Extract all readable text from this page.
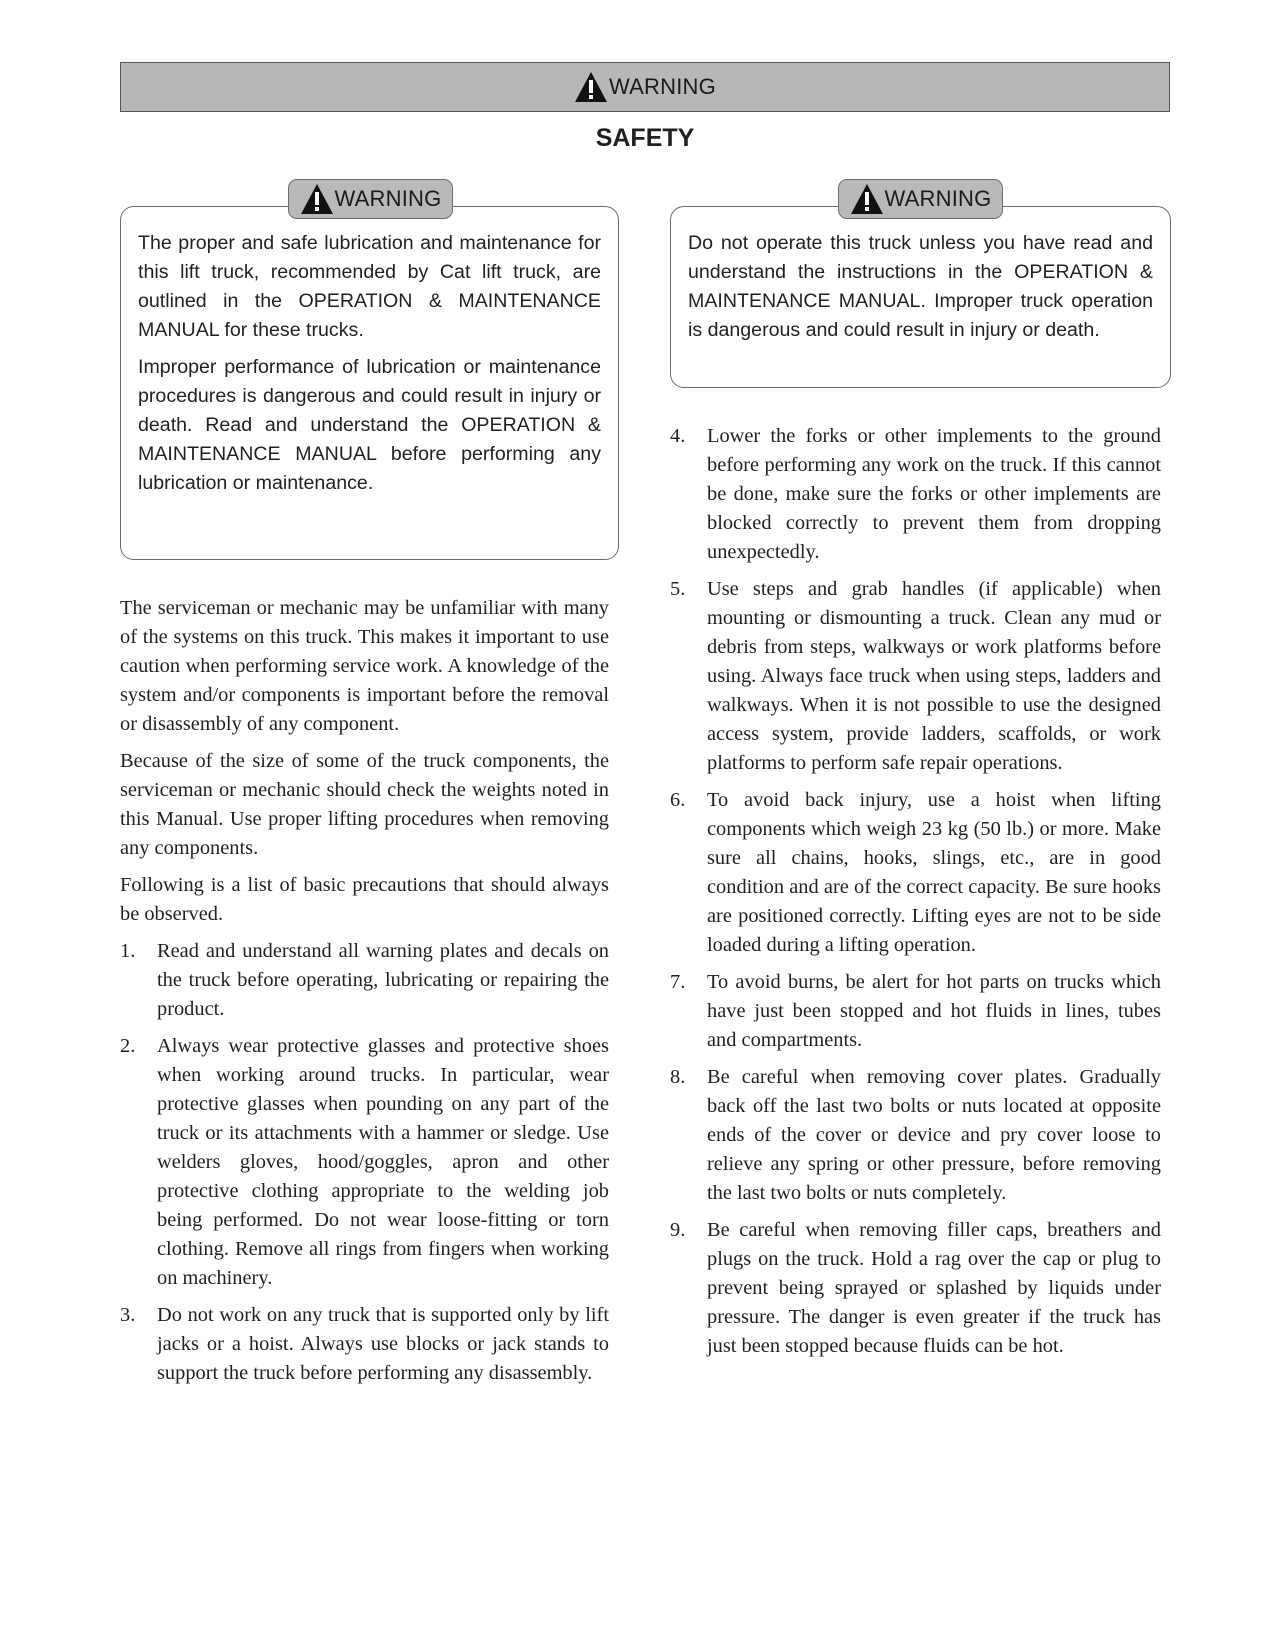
WARNING
SAFETY

The proper and safe lubrication and maintenance for this lift truck, recommended by Cat lift truck, are outlined in the OPERATION & MAINTENANCE MANUAL for these trucks.

Improper performance of lubrication or maintenance procedures is dangerous and could result in injury or death. Read and understand the OPERATION & MAINTENANCE MANUAL before performing any lubrication or maintenance.

WARNING

Do not operate this truck unless you have read and understand the instructions in the OPERATION & MAINTENANCE MANUAL. Improper truck operation is dangerous and could result in injury or death.

WARNING

The serviceman or mechanic may be unfamiliar with many of the systems on this truck. This makes it important to use caution when performing service work. A knowledge of the system and/or components is important before the removal or disassembly of any component.

Because of the size of some of the truck components, the serviceman or mechanic should check the weights noted in this Manual. Use proper lifting procedures when removing any components.

Following is a list of basic precautions that should always be observed.

1.	Read and understand all warning plates and decals on the truck before operating, lubricating or repairing the product.
2.	Always wear protective glasses and protective shoes when working around trucks. In particular, wear protective glasses when pounding on any part of the truck or its attachments with a hammer or sledge. Use welders gloves, hood/goggles, apron and other protective clothing appropriate to the welding job being performed. Do not wear loose-fitting or torn clothing. Remove all rings from fingers when working on machinery.
3.	Do not work on any truck that is supported only by lift jacks or a hoist. Always use blocks or jack stands to support the truck before performing any disassembly.
4.	Lower the forks or other implements to the ground before performing any work on the truck. If this cannot be done, make sure the forks or other implements are blocked correctly to prevent them from dropping unexpectedly.
5.	Use steps and grab handles (if applicable) when mounting or dismounting a truck. Clean any mud or debris from steps, walkways or work platforms before using. Always face truck when using steps, ladders and walkways. When it is not possible to use the designed access system, provide ladders, scaffolds, or work platforms to perform safe repair operations.
6.	To avoid back injury, use a hoist when lifting components which weigh 23 kg (50 lb.) or more. Make sure all chains, hooks, slings, etc., are in good condition and are of the correct capacity. Be sure hooks are positioned correctly. Lifting eyes are not to be side loaded during a lifting operation.
7.	To avoid burns, be alert for hot parts on trucks which have just been stopped and hot fluids in lines, tubes and compartments.
8.	Be careful when removing cover plates. Gradually back off the last two bolts or nuts located at opposite ends of the cover or device and pry cover loose to relieve any spring or other pressure, before removing the last two bolts or nuts completely.
9.	Be careful when removing filler caps, breathers and plugs on the truck. Hold a rag over the cap or plug to prevent being sprayed or splashed by liquids under pressure. The danger is even greater if the truck has just been stopped because fluids can be hot.
